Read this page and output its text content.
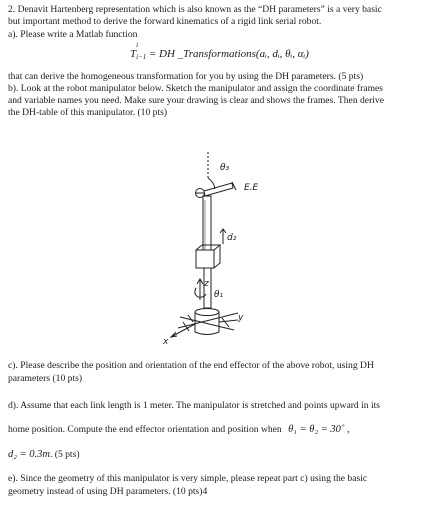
2. Denavit Hartenberg representation which is also known as the “DH parameters” is a very basic
but important method to derive the forward kinematics of a rigid link serial robot.
a). Please write a Matlab function
T
i
i−1 = DH _Transformations(aᵢ, dᵢ, θᵢ, αᵢ)
that can derive the homogeneous transformation for you by using the DH parameters. (5 pts)
b). Look at the robot manipulator below. Sketch the manipulator and assign the coordinate frames
and variable names you need. Make sure your drawing is clear and shows the frames. Then derive
the DH-table of this manipulator. (10 pts)
θ₃
E.E
d₂
z
θ₁
y
x
c). Please describe the position and orientation of the end effector of the above robot, using DH
parameters (10 pts)
d). Assume that each link length is 1 meter. The manipulator is stretched and points upward in its
home position. Compute the end effector orientation and position when θ₁ = θ₂ = 30˚ ,
d₂ = 0.3m. (5 pts)
e). Since the geometry of this manipulator is very simple, please repeat part c) using the basic
geometry instead of using DH parameters. (10 pts)4
